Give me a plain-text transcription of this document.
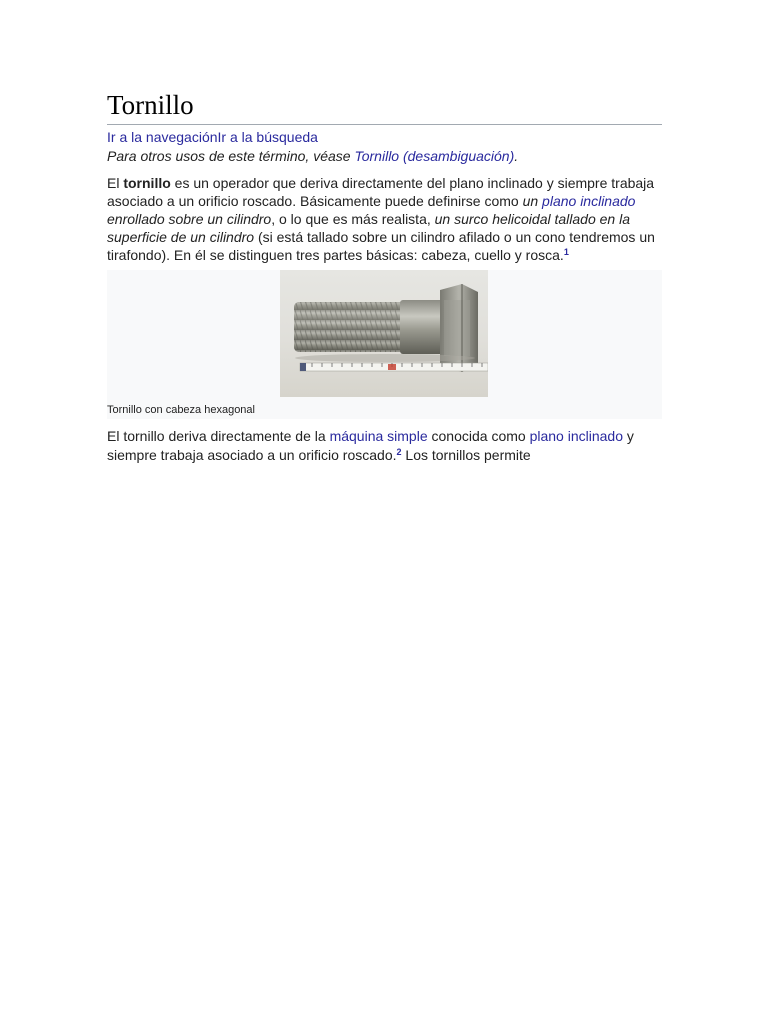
Tornillo
Ir a la navegaciónIr a la búsqueda
Para otros usos de este término, véase Tornillo (desambiguación).

El tornillo es un operador que deriva directamente del plano inclinado y siempre trabaja asociado a un orificio roscado. Básicamente puede definirse como un plano inclinado enrollado sobre un cilindro, o lo que es más realista, un surco helicoidal tallado en la superficie de un cilindro (si está tallado sobre un cilindro afilado o un cono tendremos un tirafondo). En él se distinguen tres partes básicas: cabeza, cuello y rosca.$^1$

Tornillo con cabeza hexagonal

El tornillo deriva directamente de la máquina simple conocida como plano inclinado y siempre trabaja asociado a un orificio roscado.$^2$ Los tornillos permite
